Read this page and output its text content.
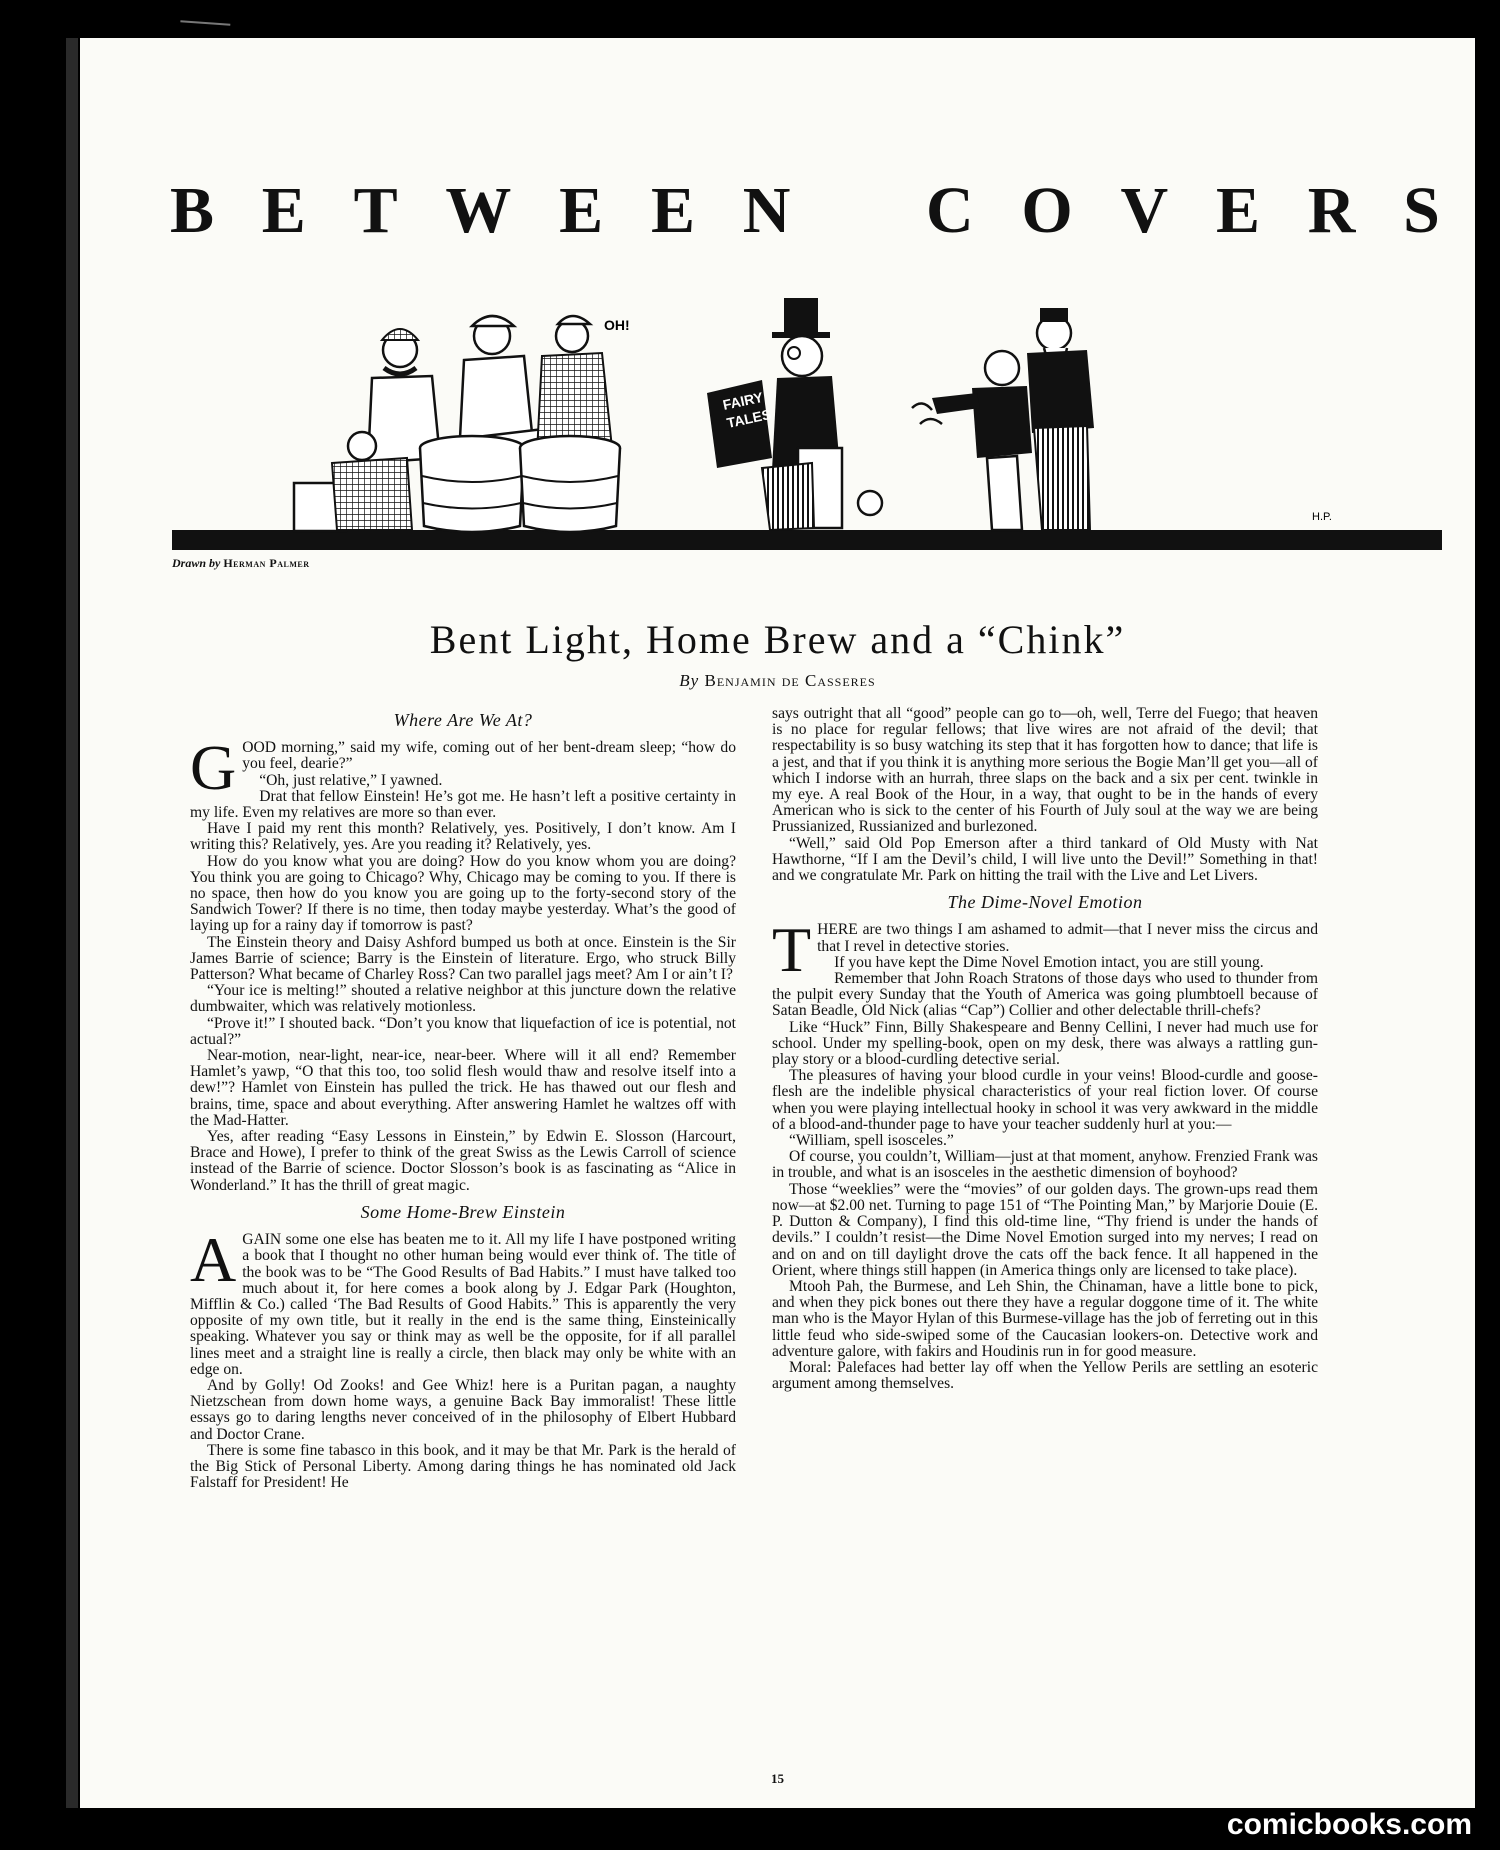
B E T W E E N C O V E R S
OH!
FAIRY
TALES
H.P.
Drawn by Herman Palmer
Bent Light, Home Brew and a “Chink”
By Benjamin de Casseres
Where Are We At?

GOOD morning,” said my wife, coming out of her bent-dream sleep; “how do you feel, dearie?”

“Oh, just relative,” I yawned.

Drat that fellow Einstein! He’s got me. He hasn’t left a positive certainty in my life. Even my relatives are more so than ever.

Have I paid my rent this month? Relatively, yes. Positively, I don’t know. Am I writing this? Relatively, yes. Are you reading it? Relatively, yes.

How do you know what you are doing? How do you know whom you are doing? You think you are going to Chicago? Why, Chicago may be coming to you. If there is no space, then how do you know you are going up to the forty-second story of the Sandwich Tower? If there is no time, then today maybe yesterday. What’s the good of laying up for a rainy day if tomorrow is past?

The Einstein theory and Daisy Ashford bumped us both at once. Einstein is the Sir James Barrie of science; Barry is the Einstein of literature. Ergo, who struck Billy Patterson? What became of Charley Ross? Can two parallel jags meet? Am I or ain’t I?

“Your ice is melting!” shouted a relative neighbor at this juncture down the relative dumbwaiter, which was relatively motionless.

“Prove it!” I shouted back. “Don’t you know that liquefaction of ice is potential, not actual?”

Near-motion, near-light, near-ice, near-beer. Where will it all end? Remember Hamlet’s yawp, “O that this too, too solid flesh would thaw and resolve itself into a dew!”? Hamlet von Einstein has pulled the trick. He has thawed out our flesh and brains, time, space and about everything. After answering Hamlet he waltzes off with the Mad-Hatter.

Yes, after reading “Easy Lessons in Einstein,” by Edwin E. Slosson (Harcourt, Brace and Howe), I prefer to think of the great Swiss as the Lewis Carroll of science instead of the Barrie of science. Doctor Slosson’s book is as fascinating as “Alice in Wonderland.” It has the thrill of great magic.

Some Home-Brew Einstein

AGAIN some one else has beaten me to it. All my life I have postponed writing a book that I thought no other human being would ever think of. The title of the book was to be “The Good Results of Bad Habits.” I must have talked too much about it, for here comes a book along by J. Edgar Park (Houghton, Mifflin & Co.) called ‘The Bad Results of Good Habits.” This is apparently the very opposite of my own title, but it really in the end is the same thing, Einsteinically speaking. Whatever you say or think may as well be the opposite, for if all parallel lines meet and a straight line is really a circle, then black may only be white with an edge on.

And by Golly! Od Zooks! and Gee Whiz! here is a Puritan pagan, a naughty Nietzschean from down home ways, a genuine Back Bay immoralist! These little essays go to daring lengths never conceived of in the philosophy of Elbert Hubbard and Doctor Crane.

There is some fine tabasco in this book, and it may be that Mr. Park is the herald of the Big Stick of Personal Liberty. Among daring things he has nominated old Jack Falstaff for President! He

says outright that all “good” people can go to—oh, well, Terre del Fuego; that heaven is no place for regular fellows; that live wires are not afraid of the devil; that respectability is so busy watching its step that it has forgotten how to dance; that life is a jest, and that if you think it is anything more serious the Bogie Man’ll get you—all of which I indorse with an hurrah, three slaps on the back and a six per cent. twinkle in my eye. A real Book of the Hour, in a way, that ought to be in the hands of every American who is sick to the center of his Fourth of July soul at the way we are being Prussianized, Russianized and burlezoned.

“Well,” said Old Pop Emerson after a third tankard of Old Musty with Nat Hawthorne, “If I am the Devil’s child, I will live unto the Devil!” Something in that! and we congratulate Mr. Park on hitting the trail with the Live and Let Livers.

The Dime-Novel Emotion

THERE are two things I am ashamed to admit—that I never miss the circus and that I revel in detective stories.

If you have kept the Dime Novel Emotion intact, you are still young.

Remember that John Roach Stratons of those days who used to thunder from the pulpit every Sunday that the Youth of America was going plumbtoell because of Satan Beadle, Old Nick (alias “Cap”) Collier and other delectable thrill-chefs?

Like “Huck” Finn, Billy Shakespeare and Benny Cellini, I never had much use for school. Under my spelling-book, open on my desk, there was always a rattling gun-play story or a blood-curdling detective serial.

The pleasures of having your blood curdle in your veins! Blood-curdle and goose-flesh are the indelible physical characteristics of your real fiction lover. Of course when you were playing intellectual hooky in school it was very awkward in the middle of a blood-and-thunder page to have your teacher suddenly hurl at you:—

“William, spell isosceles.”

Of course, you couldn’t, William—just at that moment, anyhow. Frenzied Frank was in trouble, and what is an isosceles in the aesthetic dimension of boyhood?

Those “weeklies” were the “movies” of our golden days. The grown-ups read them now—at $2.00 net. Turning to page 151 of “The Pointing Man,” by Marjorie Douie (E. P. Dutton & Company), I find this old-time line, “Thy friend is under the hands of devils.” I couldn’t resist—the Dime Novel Emotion surged into my nerves; I read on and on and on till daylight drove the cats off the back fence. It all happened in the Orient, where things still happen (in America things only are licensed to take place).

Mtooh Pah, the Burmese, and Leh Shin, the Chinaman, have a little bone to pick, and when they pick bones out there they have a regular doggone time of it. The white man who is the Mayor Hylan of this Burmese-village has the job of ferreting out in this little feud who side-swiped some of the Caucasian lookers-on. Detective work and adventure galore, with fakirs and Houdinis run in for good measure.

Moral: Palefaces had better lay off when the Yellow Perils are settling an esoteric argument among themselves.

15
comicbooks.com
